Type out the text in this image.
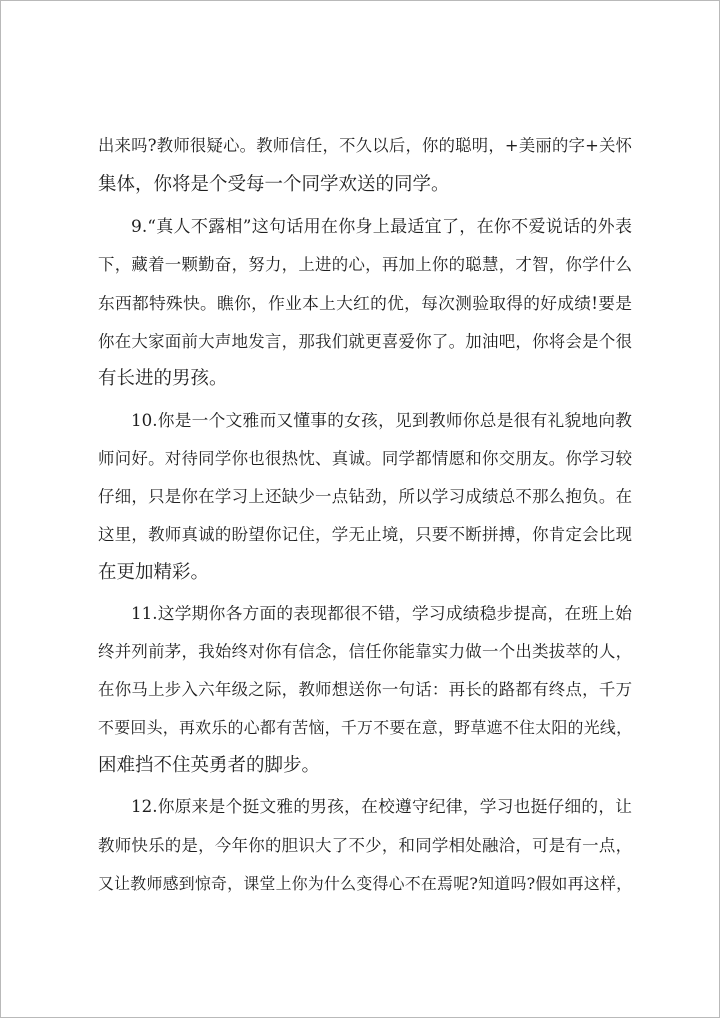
出来吗?教师很疑心。教师信任，不久以后，你的聪明，+美丽的字+关怀
集体，你将是个受每一个同学欢送的同学。
9.“真人不露相”这句话用在你身上最适宜了，在你不爱说话的外表
下，藏着一颗勤奋，努力，上进的心，再加上你的聪慧，才智，你学什么
东西都特殊快。瞧你，作业本上大红的优，每次测验取得的好成绩!要是
你在大家面前大声地发言，那我们就更喜爱你了。加油吧，你将会是个很
有长进的男孩。
10.你是一个文雅而又懂事的女孩，见到教师你总是很有礼貌地向教
师问好。对待同学你也很热忱、真诚。同学都情愿和你交朋友。你学习较
仔细，只是你在学习上还缺少一点钻劲，所以学习成绩总不那么抱负。在
这里，教师真诚的盼望你记住，学无止境，只要不断拼搏，你肯定会比现
在更加精彩。
11.这学期你各方面的表现都很不错，学习成绩稳步提高，在班上始
终并列前茅，我始终对你有信念，信任你能靠实力做一个出类拔萃的人，
在你马上步入六年级之际，教师想送你一句话：再长的路都有终点，千万
不要回头，再欢乐的心都有苦恼，千万不要在意，野草遮不住太阳的光线，
困难挡不住英勇者的脚步。
12.你原来是个挺文雅的男孩，在校遵守纪律，学习也挺仔细的，让
教师快乐的是，今年你的胆识大了不少，和同学相处融洽，可是有一点，
又让教师感到惊奇，课堂上你为什么变得心不在焉呢?知道吗?假如再这样，
